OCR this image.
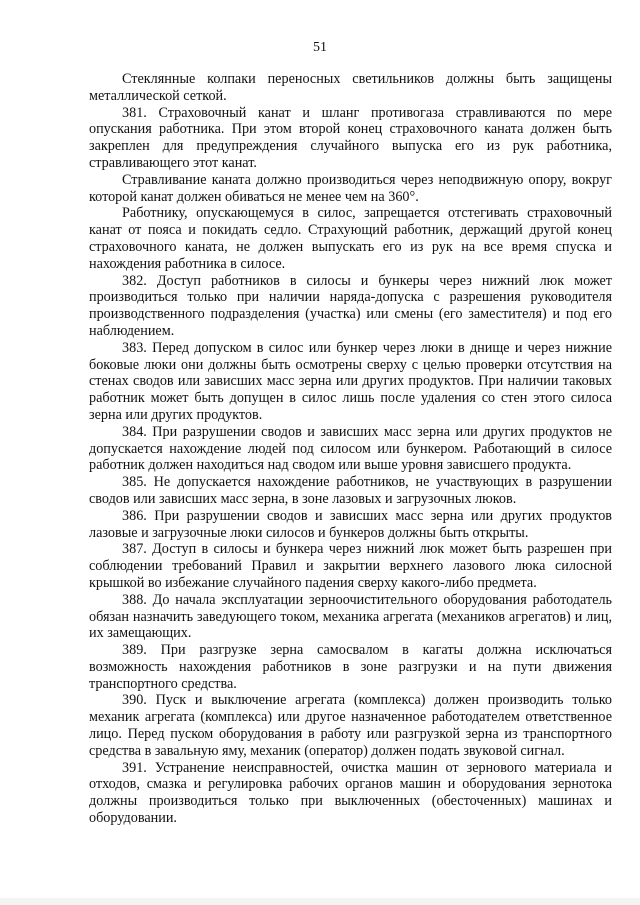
51

Стеклянные колпаки переносных светильников должны быть защищены металлической сеткой.

381. Страховочный канат и шланг противогаза стравливаются по мере опускания работника. При этом второй конец страховочного каната должен быть закреплен для предупреждения случайного выпуска его из рук работника, стравливающего этот канат.

Стравливание каната должно производиться через неподвижную опору, вокруг которой канат должен обиваться не менее чем на 360°.

Работнику, опускающемуся в силос, запрещается отстегивать страховочный канат от пояса и покидать седло. Страхующий работник, держащий другой конец страховочного каната, не должен выпускать его из рук на все время спуска и нахождения работника в силосе.

382. Доступ работников в силосы и бункеры через нижний люк может производиться только при наличии наряда-допуска с разрешения руководителя производственного подразделения (участка) или смены (его заместителя) и под его наблюдением.

383. Перед допуском в силос или бункер через люки в днище и через нижние боковые люки они должны быть осмотрены сверху с целью проверки отсутствия на стенах сводов или зависших масс зерна или других продуктов. При наличии таковых работник может быть допущен в силос лишь после удаления со стен этого силоса зерна или других продуктов.

384. При разрушении сводов и зависших масс зерна или других продуктов не допускается нахождение людей под силосом или бункером. Работающий в силосе работник должен находиться над сводом или выше уровня зависшего продукта.

385. Не допускается нахождение работников, не участвующих в разрушении сводов или зависших масс зерна, в зоне лазовых и загрузочных люков.

386. При разрушении сводов и зависших масс зерна или других продуктов лазовые и загрузочные люки силосов и бункеров должны быть открыты.

387. Доступ в силосы и бункера через нижний люк может быть разрешен при соблюдении требований Правил и закрытии верхнего лазового люка силосной крышкой во избежание случайного падения сверху какого-либо предмета.

388. До начала эксплуатации зерноочистительного оборудования работодатель обязан назначить заведующего током, механика агрегата (механиков агрегатов) и лиц, их замещающих.

389. При разгрузке зерна самосвалом в кагаты должна исключаться возможность нахождения работников в зоне разгрузки и на пути движения транспортного средства.

390. Пуск и выключение агрегата (комплекса) должен производить только механик агрегата (комплекса) или другое назначенное работодателем ответственное лицо. Перед пуском оборудования в работу или разгрузкой зерна из транспортного средства в завальную яму, механик (оператор) должен подать звуковой сигнал.

391. Устранение неисправностей, очистка машин от зернового материала и отходов, смазка и регулировка рабочих органов машин и оборудования зернотока должны производиться только при выключенных (обесточенных) машинах и оборудовании.
